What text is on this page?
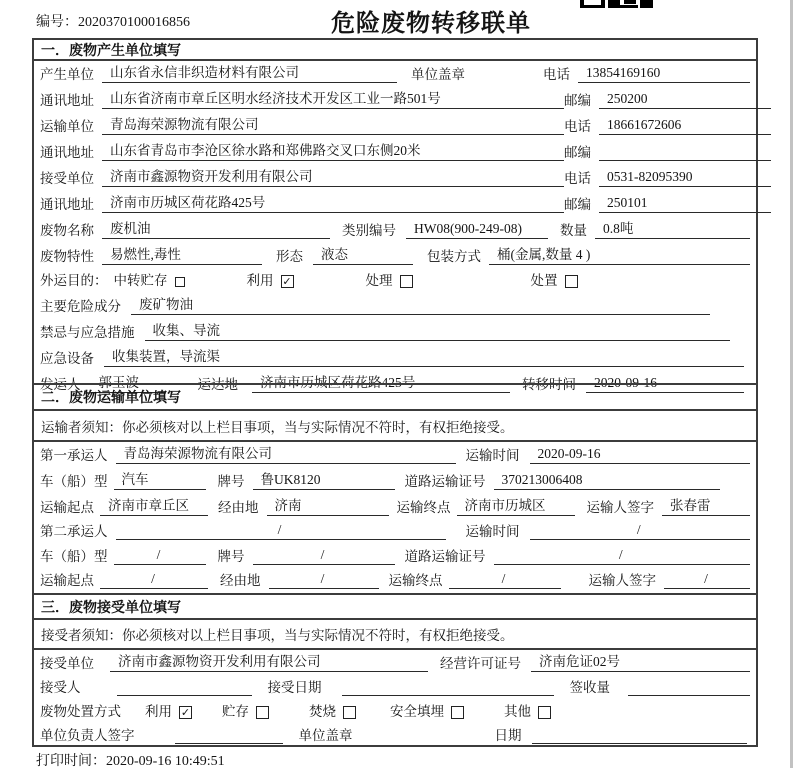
编号：2020370100016856	危险废物转移联单
一．废物产生单位填写
产生单位	山东省永信非织造材料有限公司	单位盖章	电话	13854169160
通讯地址	山东省济南市章丘区明水经济技术开发区工业一路501号	邮编	250200
运输单位	青岛海荣源物流有限公司	电话	18661672606
通讯地址	山东省青岛市李沧区徐水路和郑佛路交叉口东侧20米	邮编
接受单位	济南市鑫源物资开发利用有限公司	电话	0531-82095390
通讯地址	济南市历城区荷花路425号	邮编	250101
废物名称	废机油	类别编号	HW08(900-249-08)	数量	0.8吨
废物特性	易燃性,毒性	形态	液态	包装方式	桶(金属,数量 4 )
外运目的： 中转贮存	利用 ✓	处理	处置
主要危险成分	废矿物油
禁忌与应急措施	收集、导流
应急设备	收集装置，导流渠
发运人	郭玉波	运达地	济南市历城区荷花路425号	转移时间	2020-09-16
二．废物运输单位填写
运输者须知：你必须核对以上栏目事项，当与实际情况不符时，有权拒绝接受。
第一承运人	青岛海荣源物流有限公司	运输时间	2020-09-16
车（船）型	汽车	牌号	鲁UK8120	道路运输证号	370213006408
运输起点	济南市章丘区	经由地	济南	运输终点	济南市历城区	运输人签字	张春雷
第二承运人	/	运输时间	/
车（船）型	/	牌号	/	道路运输证号	/
运输起点	/	经由地	/	运输终点	/	运输人签字	/
三．废物接受单位填写
接受者须知：你必须核对以上栏目事项，当与实际情况不符时，有权拒绝接受。
接受单位	济南市鑫源物资开发利用有限公司	经营许可证号	济南危证02号
接受人	接受日期	签收量
废物处置方式 利用 ✓ 贮存	焚烧	安全填埋	其他
单位负责人签字	单位盖章	日期
打印时间：2020-09-16 10:49:51
